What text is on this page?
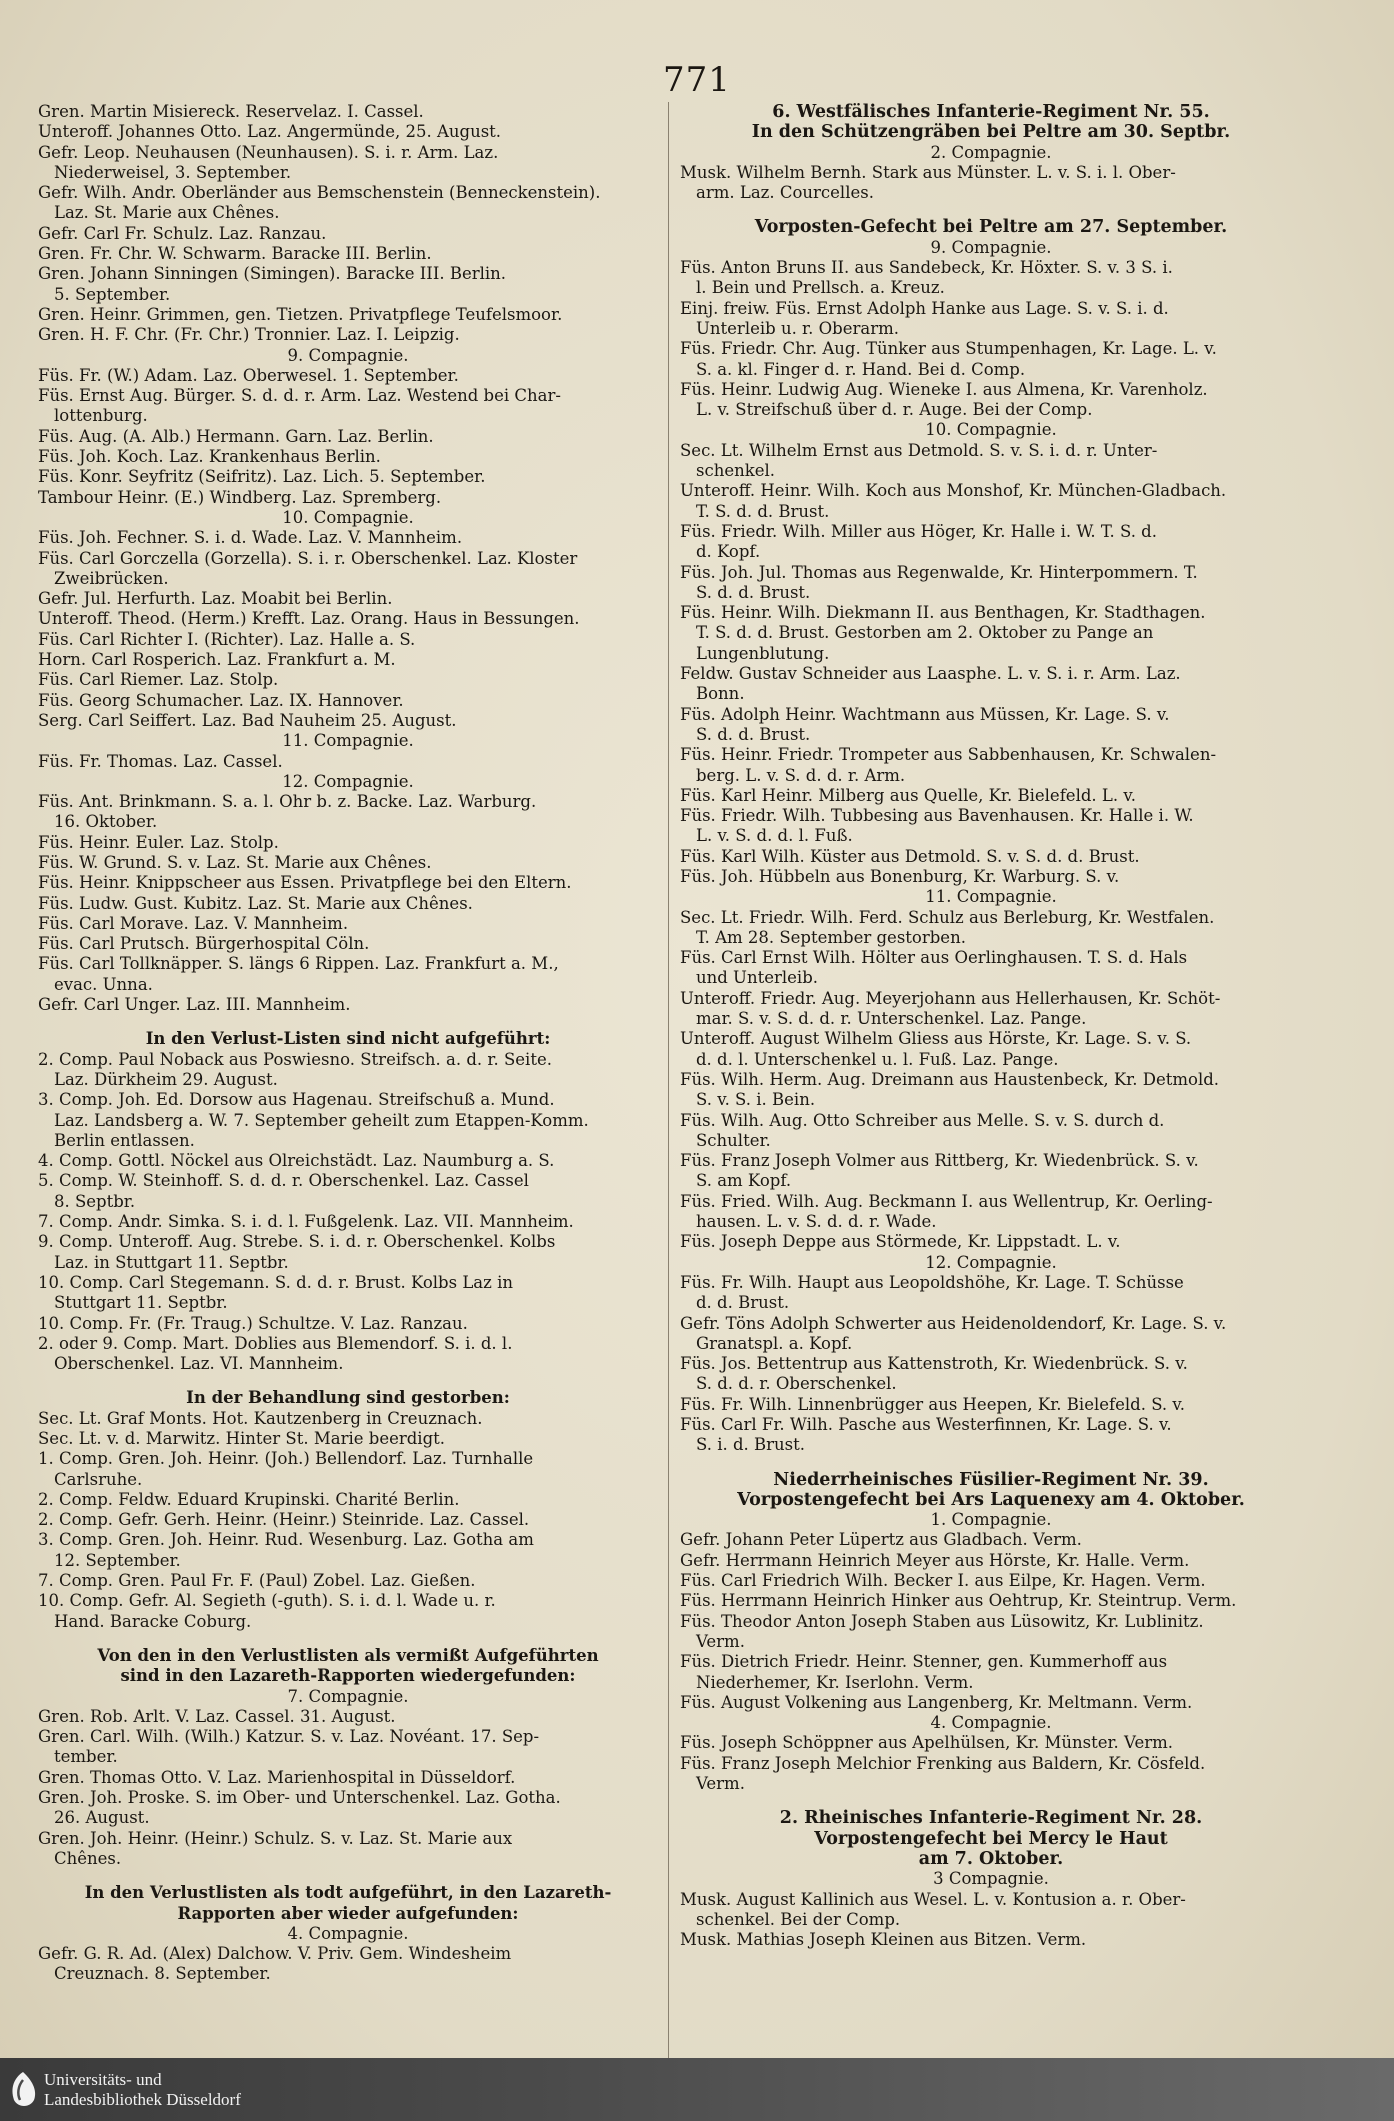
771
Gren. Martin Misiereck. Reservelaz. I. Cassel.
Unteroff. Johannes Otto. Laz. Angermünde, 25. August.
Gefr. Leop. Neuhausen (Neunhausen). S. i. r. Arm. Laz.
Niederweisel, 3. September.
Gefr. Wilh. Andr. Oberländer aus Bemschenstein (Benneckenstein).
Laz. St. Marie aux Chênes.
Gefr. Carl Fr. Schulz. Laz. Ranzau.
Gren. Fr. Chr. W. Schwarm. Baracke III. Berlin.
Gren. Johann Sinningen (Simingen). Baracke III. Berlin.
5. September.
Gren. Heinr. Grimmen, gen. Tietzen. Privatpflege Teufelsmoor.
Gren. H. F. Chr. (Fr. Chr.) Tronnier. Laz. I. Leipzig.
9. Compagnie.
Füs. Fr. (W.) Adam. Laz. Oberwesel. 1. September.
Füs. Ernst Aug. Bürger. S. d. d. r. Arm. Laz. Westend bei Char-
lottenburg.
Füs. Aug. (A. Alb.) Hermann. Garn. Laz. Berlin.
Füs. Joh. Koch. Laz. Krankenhaus Berlin.
Füs. Konr. Seyfritz (Seifritz). Laz. Lich. 5. September.
Tambour Heinr. (E.) Windberg. Laz. Spremberg.
10. Compagnie.
Füs. Joh. Fechner. S. i. d. Wade. Laz. V. Mannheim.
Füs. Carl Gorczella (Gorzella). S. i. r. Oberschenkel. Laz. Kloster
Zweibrücken.
Gefr. Jul. Herfurth. Laz. Moabit bei Berlin.
Unteroff. Theod. (Herm.) Krefft. Laz. Orang. Haus in Bessungen.
Füs. Carl Richter I. (Richter). Laz. Halle a. S.
Horn. Carl Rosperich. Laz. Frankfurt a. M.
Füs. Carl Riemer. Laz. Stolp.
Füs. Georg Schumacher. Laz. IX. Hannover.
Serg. Carl Seiffert. Laz. Bad Nauheim 25. August.
11. Compagnie.
Füs. Fr. Thomas. Laz. Cassel.
12. Compagnie.
Füs. Ant. Brinkmann. S. a. l. Ohr b. z. Backe. Laz. Warburg.
16. Oktober.
Füs. Heinr. Euler. Laz. Stolp.
Füs. W. Grund. S. v. Laz. St. Marie aux Chênes.
Füs. Heinr. Knippscheer aus Essen. Privatpflege bei den Eltern.
Füs. Ludw. Gust. Kubitz. Laz. St. Marie aux Chênes.
Füs. Carl Morave. Laz. V. Mannheim.
Füs. Carl Prutsch. Bürgerhospital Cöln.
Füs. Carl Tollknäpper. S. längs 6 Rippen. Laz. Frankfurt a. M.,
evac. Unna.
Gefr. Carl Unger. Laz. III. Mannheim.
In den Verlust-Listen sind nicht aufgeführt:
2. Comp. Paul Noback aus Poswiesno. Streifsch. a. d. r. Seite.
Laz. Dürkheim 29. August.
3. Comp. Joh. Ed. Dorsow aus Hagenau. Streifschuß a. Mund.
Laz. Landsberg a. W. 7. September geheilt zum Etappen-Komm.
Berlin entlassen.
4. Comp. Gottl. Nöckel aus Olreichstädt. Laz. Naumburg a. S.
5. Comp. W. Steinhoff. S. d. d. r. Oberschenkel. Laz. Cassel
8. Septbr.
7. Comp. Andr. Simka. S. i. d. l. Fußgelenk. Laz. VII. Mannheim.
9. Comp. Unteroff. Aug. Strebe. S. i. d. r. Oberschenkel. Kolbs
Laz. in Stuttgart 11. Septbr.
10. Comp. Carl Stegemann. S. d. d. r. Brust. Kolbs Laz in
Stuttgart 11. Septbr.
10. Comp. Fr. (Fr. Traug.) Schultze. V. Laz. Ranzau.
2. oder 9. Comp. Mart. Doblies aus Blemendorf. S. i. d. l.
Oberschenkel. Laz. VI. Mannheim.
In der Behandlung sind gestorben:
Sec. Lt. Graf Monts. Hot. Kautzenberg in Creuznach.
Sec. Lt. v. d. Marwitz. Hinter St. Marie beerdigt.
1. Comp. Gren. Joh. Heinr. (Joh.) Bellendorf. Laz. Turnhalle
Carlsruhe.
2. Comp. Feldw. Eduard Krupinski. Charité Berlin.
2. Comp. Gefr. Gerh. Heinr. (Heinr.) Steinride. Laz. Cassel.
3. Comp. Gren. Joh. Heinr. Rud. Wesenburg. Laz. Gotha am
12. September.
7. Comp. Gren. Paul Fr. F. (Paul) Zobel. Laz. Gießen.
10. Comp. Gefr. Al. Segieth (-guth). S. i. d. l. Wade u. r.
Hand. Baracke Coburg.
Von den in den Verlustlisten als vermißt Aufgeführten
sind in den Lazareth-Rapporten wiedergefunden:
7. Compagnie.
Gren. Rob. Arlt. V. Laz. Cassel. 31. August.
Gren. Carl. Wilh. (Wilh.) Katzur. S. v. Laz. Novéant. 17. Sep-
tember.
Gren. Thomas Otto. V. Laz. Marienhospital in Düsseldorf.
Gren. Joh. Proske. S. im Ober- und Unterschenkel. Laz. Gotha.
26. August.
Gren. Joh. Heinr. (Heinr.) Schulz. S. v. Laz. St. Marie aux
Chênes.
In den Verlustlisten als todt aufgeführt, in den Lazareth-
Rapporten aber wieder aufgefunden:
4. Compagnie.
Gefr. G. R. Ad. (Alex) Dalchow. V. Priv. Gem. Windesheim
Creuznach. 8. September.
6. Westfälisches Infanterie-Regiment Nr. 55.
In den Schützengräben bei Peltre am 30. Septbr.
2. Compagnie.
Musk. Wilhelm Bernh. Stark aus Münster. L. v. S. i. l. Ober-
arm. Laz. Courcelles.
Vorposten-Gefecht bei Peltre am 27. September.
9. Compagnie.
Füs. Anton Bruns II. aus Sandebeck, Kr. Höxter. S. v. 3 S. i.
l. Bein und Prellsch. a. Kreuz.
Einj. freiw. Füs. Ernst Adolph Hanke aus Lage. S. v. S. i. d.
Unterleib u. r. Oberarm.
Füs. Friedr. Chr. Aug. Tünker aus Stumpenhagen, Kr. Lage. L. v.
S. a. kl. Finger d. r. Hand. Bei d. Comp.
Füs. Heinr. Ludwig Aug. Wieneke I. aus Almena, Kr. Varenholz.
L. v. Streifschuß über d. r. Auge. Bei der Comp.
10. Compagnie.
Sec. Lt. Wilhelm Ernst aus Detmold. S. v. S. i. d. r. Unter-
schenkel.
Unteroff. Heinr. Wilh. Koch aus Monshof, Kr. München-Gladbach.
T. S. d. d. Brust.
Füs. Friedr. Wilh. Miller aus Höger, Kr. Halle i. W. T. S. d.
d. Kopf.
Füs. Joh. Jul. Thomas aus Regenwalde, Kr. Hinterpommern. T.
S. d. d. Brust.
Füs. Heinr. Wilh. Diekmann II. aus Benthagen, Kr. Stadthagen.
T. S. d. d. Brust. Gestorben am 2. Oktober zu Pange an
Lungenblutung.
Feldw. Gustav Schneider aus Laasphe. L. v. S. i. r. Arm. Laz.
Bonn.
Füs. Adolph Heinr. Wachtmann aus Müssen, Kr. Lage. S. v.
S. d. d. Brust.
Füs. Heinr. Friedr. Trompeter aus Sabbenhausen, Kr. Schwalen-
berg. L. v. S. d. d. r. Arm.
Füs. Karl Heinr. Milberg aus Quelle, Kr. Bielefeld. L. v.
Füs. Friedr. Wilh. Tubbesing aus Bavenhausen. Kr. Halle i. W.
L. v. S. d. d. l. Fuß.
Füs. Karl Wilh. Küster aus Detmold. S. v. S. d. d. Brust.
Füs. Joh. Hübbeln aus Bonenburg, Kr. Warburg. S. v.
11. Compagnie.
Sec. Lt. Friedr. Wilh. Ferd. Schulz aus Berleburg, Kr. Westfalen.
T. Am 28. September gestorben.
Füs. Carl Ernst Wilh. Hölter aus Oerlinghausen. T. S. d. Hals
und Unterleib.
Unteroff. Friedr. Aug. Meyerjohann aus Hellerhausen, Kr. Schöt-
mar. S. v. S. d. d. r. Unterschenkel. Laz. Pange.
Unteroff. August Wilhelm Gliess aus Hörste, Kr. Lage. S. v. S.
d. d. l. Unterschenkel u. l. Fuß. Laz. Pange.
Füs. Wilh. Herm. Aug. Dreimann aus Haustenbeck, Kr. Detmold.
S. v. S. i. Bein.
Füs. Wilh. Aug. Otto Schreiber aus Melle. S. v. S. durch d.
Schulter.
Füs. Franz Joseph Volmer aus Rittberg, Kr. Wiedenbrück. S. v.
S. am Kopf.
Füs. Fried. Wilh. Aug. Beckmann I. aus Wellentrup, Kr. Oerling-
hausen. L. v. S. d. d. r. Wade.
Füs. Joseph Deppe aus Störmede, Kr. Lippstadt. L. v.
12. Compagnie.
Füs. Fr. Wilh. Haupt aus Leopoldshöhe, Kr. Lage. T. Schüsse
d. d. Brust.
Gefr. Töns Adolph Schwerter aus Heidenoldendorf, Kr. Lage. S. v.
Granatspl. a. Kopf.
Füs. Jos. Bettentrup aus Kattenstroth, Kr. Wiedenbrück. S. v.
S. d. d. r. Oberschenkel.
Füs. Fr. Wilh. Linnenbrügger aus Heepen, Kr. Bielefeld. S. v.
Füs. Carl Fr. Wilh. Pasche aus Westerfinnen, Kr. Lage. S. v.
S. i. d. Brust.
Niederrheinisches Füsilier-Regiment Nr. 39.
Vorpostengefecht bei Ars Laquenexy am 4. Oktober.
1. Compagnie.
Gefr. Johann Peter Lüpertz aus Gladbach. Verm.
Gefr. Herrmann Heinrich Meyer aus Hörste, Kr. Halle. Verm.
Füs. Carl Friedrich Wilh. Becker I. aus Eilpe, Kr. Hagen. Verm.
Füs. Herrmann Heinrich Hinker aus Oehtrup, Kr. Steintrup. Verm.
Füs. Theodor Anton Joseph Staben aus Lüsowitz, Kr. Lublinitz.
Verm.
Füs. Dietrich Friedr. Heinr. Stenner, gen. Kummerhoff aus
Niederhemer, Kr. Iserlohn. Verm.
Füs. August Volkening aus Langenberg, Kr. Meltmann. Verm.
4. Compagnie.
Füs. Joseph Schöppner aus Apelhülsen, Kr. Münster. Verm.
Füs. Franz Joseph Melchior Frenking aus Baldern, Kr. Cösfeld.
Verm.
2. Rheinisches Infanterie-Regiment Nr. 28.
Vorpostengefecht bei Mercy le Haut
am 7. Oktober.
3 Compagnie.
Musk. August Kallinich aus Wesel. L. v. Kontusion a. r. Ober-
schenkel. Bei der Comp.
Musk. Mathias Joseph Kleinen aus Bitzen. Verm.
Universitäts- und
Landesbibliothek Düsseldorf
